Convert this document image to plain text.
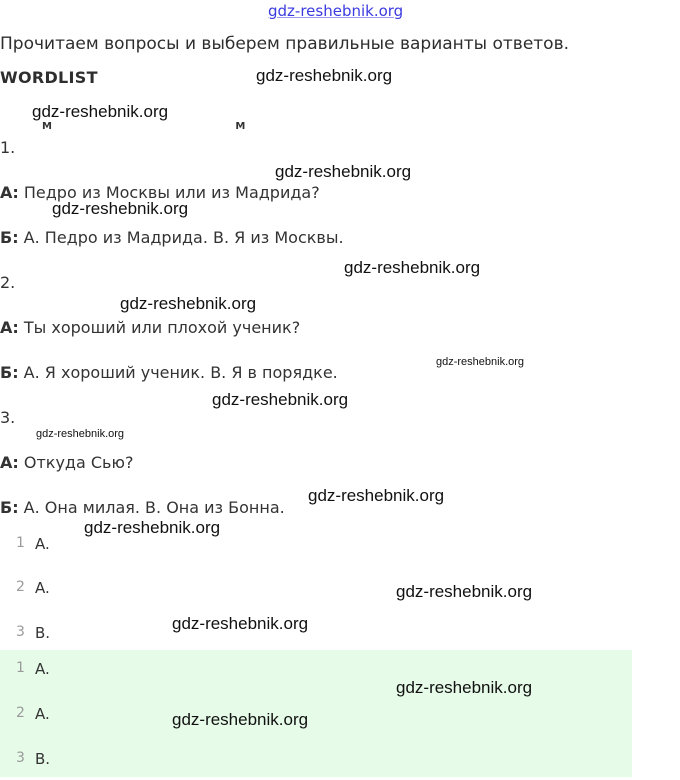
gdz-reshebnik.org
Прочитаем вопросы и выберем правильные варианты ответов.
WORDLIST	gdz-reshebnik.org
gdz-reshebnik.org
M M
1.
gdz-reshebnik.org
А: Педро из Москвы или из Мадрида?
gdz-reshebnik.org
Б: А. Педро из Мадрида. В. Я из Москвы.
gdz-reshebnik.org
2.
gdz-reshebnik.org
А: Ты хороший или плохой ученик?
gdz-reshebnik.org
Б: А. Я хороший ученик. В. Я в порядке.
gdz-reshebnik.org
3.
gdz-reshebnik.org
А: Откуда Сью?
gdz-reshebnik.org
Б: А. Она милая. В. Она из Бонна.
1 A.
2 A.
3 B.
gdz-reshebnik.org
gdz-reshebnik.org
gdz-reshebnik.org
1 A.
2 A.
3 B.
gdz-reshebnik.org
gdz-reshebnik.org
